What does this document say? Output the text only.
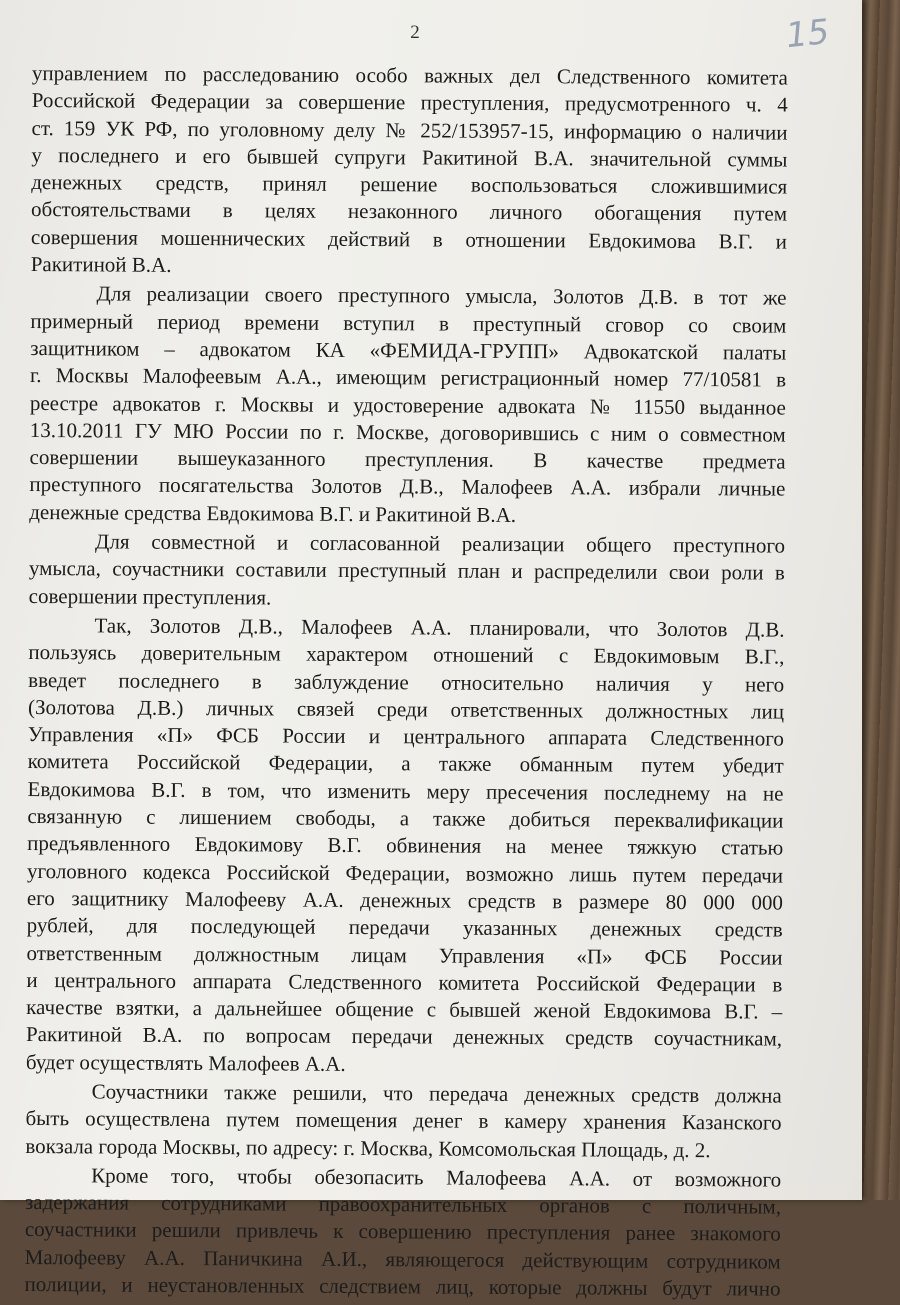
2	15
управлением по расследованию особо важных дел Следственного комитета
Российской Федерации за совершение преступления, предусмотренного ч. 4
ст. 159 УК РФ, по уголовному делу № 252/153957-15, информацию о наличии
у последнего и его бывшей супруги Ракитиной В.А. значительной суммы
денежных средств, принял решение воспользоваться сложившимися
обстоятельствами в целях незаконного личного обогащения путем
совершения мошеннических действий в отношении Евдокимова В.Г. и
Ракитиной В.А.
Для реализации своего преступного умысла, Золотов Д.В. в тот же
примерный период времени вступил в преступный сговор со своим
защитником – адвокатом КА «ФЕМИДА-ГРУПП» Адвокатской палаты
г. Москвы Малофеевым А.А., имеющим регистрационный номер 77/10581 в
реестре адвокатов г. Москвы и удостоверение адвоката № 11550 выданное
13.10.2011 ГУ МЮ России по г. Москве, договорившись с ним о совместном
совершении вышеуказанного преступления. В качестве предмета
преступного посягательства Золотов Д.В., Малофеев А.А. избрали личные
денежные средства Евдокимова В.Г. и Ракитиной В.А.
Для совместной и согласованной реализации общего преступного
умысла, соучастники составили преступный план и распределили свои роли в
совершении преступления.
Так, Золотов Д.В., Малофеев А.А. планировали, что Золотов Д.В.
пользуясь доверительным характером отношений с Евдокимовым В.Г.,
введет последнего в заблуждение относительно наличия у него
(Золотова Д.В.) личных связей среди ответственных должностных лиц
Управления «П» ФСБ России и центрального аппарата Следственного
комитета Российской Федерации, а также обманным путем убедит
Евдокимова В.Г. в том, что изменить меру пресечения последнему на не
связанную с лишением свободы, а также добиться переквалификации
предъявленного Евдокимову В.Г. обвинения на менее тяжкую статью
уголовного кодекса Российской Федерации, возможно лишь путем передачи
его защитнику Малофееву А.А. денежных средств в размере 80 000 000
рублей, для последующей передачи указанных денежных средств
ответственным должностным лицам Управления «П» ФСБ России
и центрального аппарата Следственного комитета Российской Федерации в
качестве взятки, а дальнейшее общение с бывшей женой Евдокимова В.Г. –
Ракитиной В.А. по вопросам передачи денежных средств соучастникам,
будет осуществлять Малофеев А.А.
Соучастники также решили, что передача денежных средств должна
быть осуществлена путем помещения денег в камеру хранения Казанского
вокзала города Москвы, по адресу: г. Москва, Комсомольская Площадь, д. 2.
Кроме того, чтобы обезопасить Малофеева А.А. от возможного
задержания сотрудниками правоохранительных органов с поличным,
соучастники решили привлечь к совершению преступления ранее знакомого
Малофееву А.А. Паничкина А.И., являющегося действующим сотрудником
полиции, и неустановленных следствием лиц, которые должны будут лично
